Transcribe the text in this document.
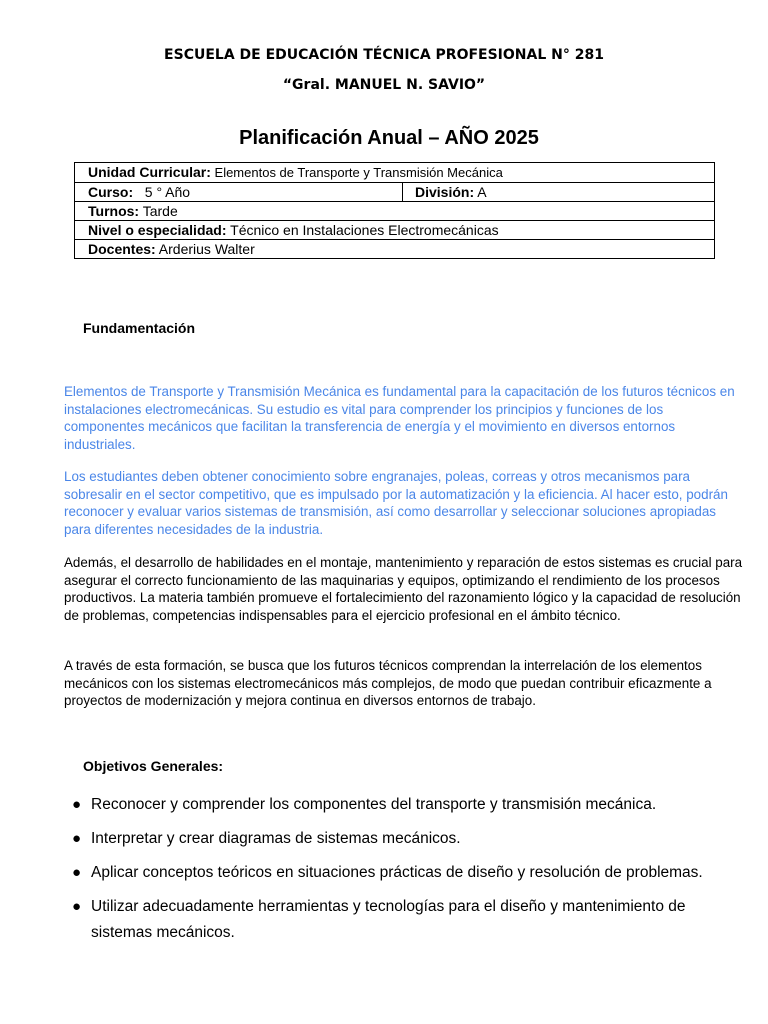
ESCUELA DE EDUCACIÓN TÉCNICA PROFESIONAL N° 281
“Gral. MANUEL N. SAVIO”
Planificación Anual – AÑO 2025
Unidad Curricular: Elementos de Transporte y Transmisión Mecánica
Curso:   5 ° Año	División: A
Turnos: Tarde
Nivel o especialidad: Técnico en Instalaciones Electromecánicas
Docentes: Arderius Walter
Fundamentación

Elementos de Transporte y Transmisión Mecánica es fundamental para la capacitación de los futuros técnicos en instalaciones electromecánicas. Su estudio es vital para comprender los principios y funciones de los componentes mecánicos que facilitan la transferencia de energía y el movimiento en diversos entornos industriales.

Los estudiantes deben obtener conocimiento sobre engranajes, poleas, correas y otros mecanismos para sobresalir en el sector competitivo, que es impulsado por la automatización y la eficiencia. Al hacer esto, podrán reconocer y evaluar varios sistemas de transmisión, así como desarrollar y seleccionar soluciones apropiadas para diferentes necesidades de la industria.

Además, el desarrollo de habilidades en el montaje, mantenimiento y reparación de estos sistemas es crucial para asegurar el correcto funcionamiento de las maquinarias y equipos, optimizando el rendimiento de los procesos productivos. La materia también promueve el fortalecimiento del razonamiento lógico y la capacidad de resolución de problemas, competencias indispensables para el ejercicio profesional en el ámbito técnico.

A través de esta formación, se busca que los futuros técnicos comprendan la interrelación de los elementos mecánicos con los sistemas electromecánicos más complejos, de modo que puedan contribuir eficazmente a proyectos de modernización y mejora continua en diversos entornos de trabajo.

Objetivos Generales:
● Reconocer y comprender los componentes del transporte y transmisión mecánica.
● Interpretar y crear diagramas de sistemas mecánicos.
● Aplicar conceptos teóricos en situaciones prácticas de diseño y resolución de problemas.
● Utilizar adecuadamente herramientas y tecnologías para el diseño y mantenimiento de sistemas mecánicos.
